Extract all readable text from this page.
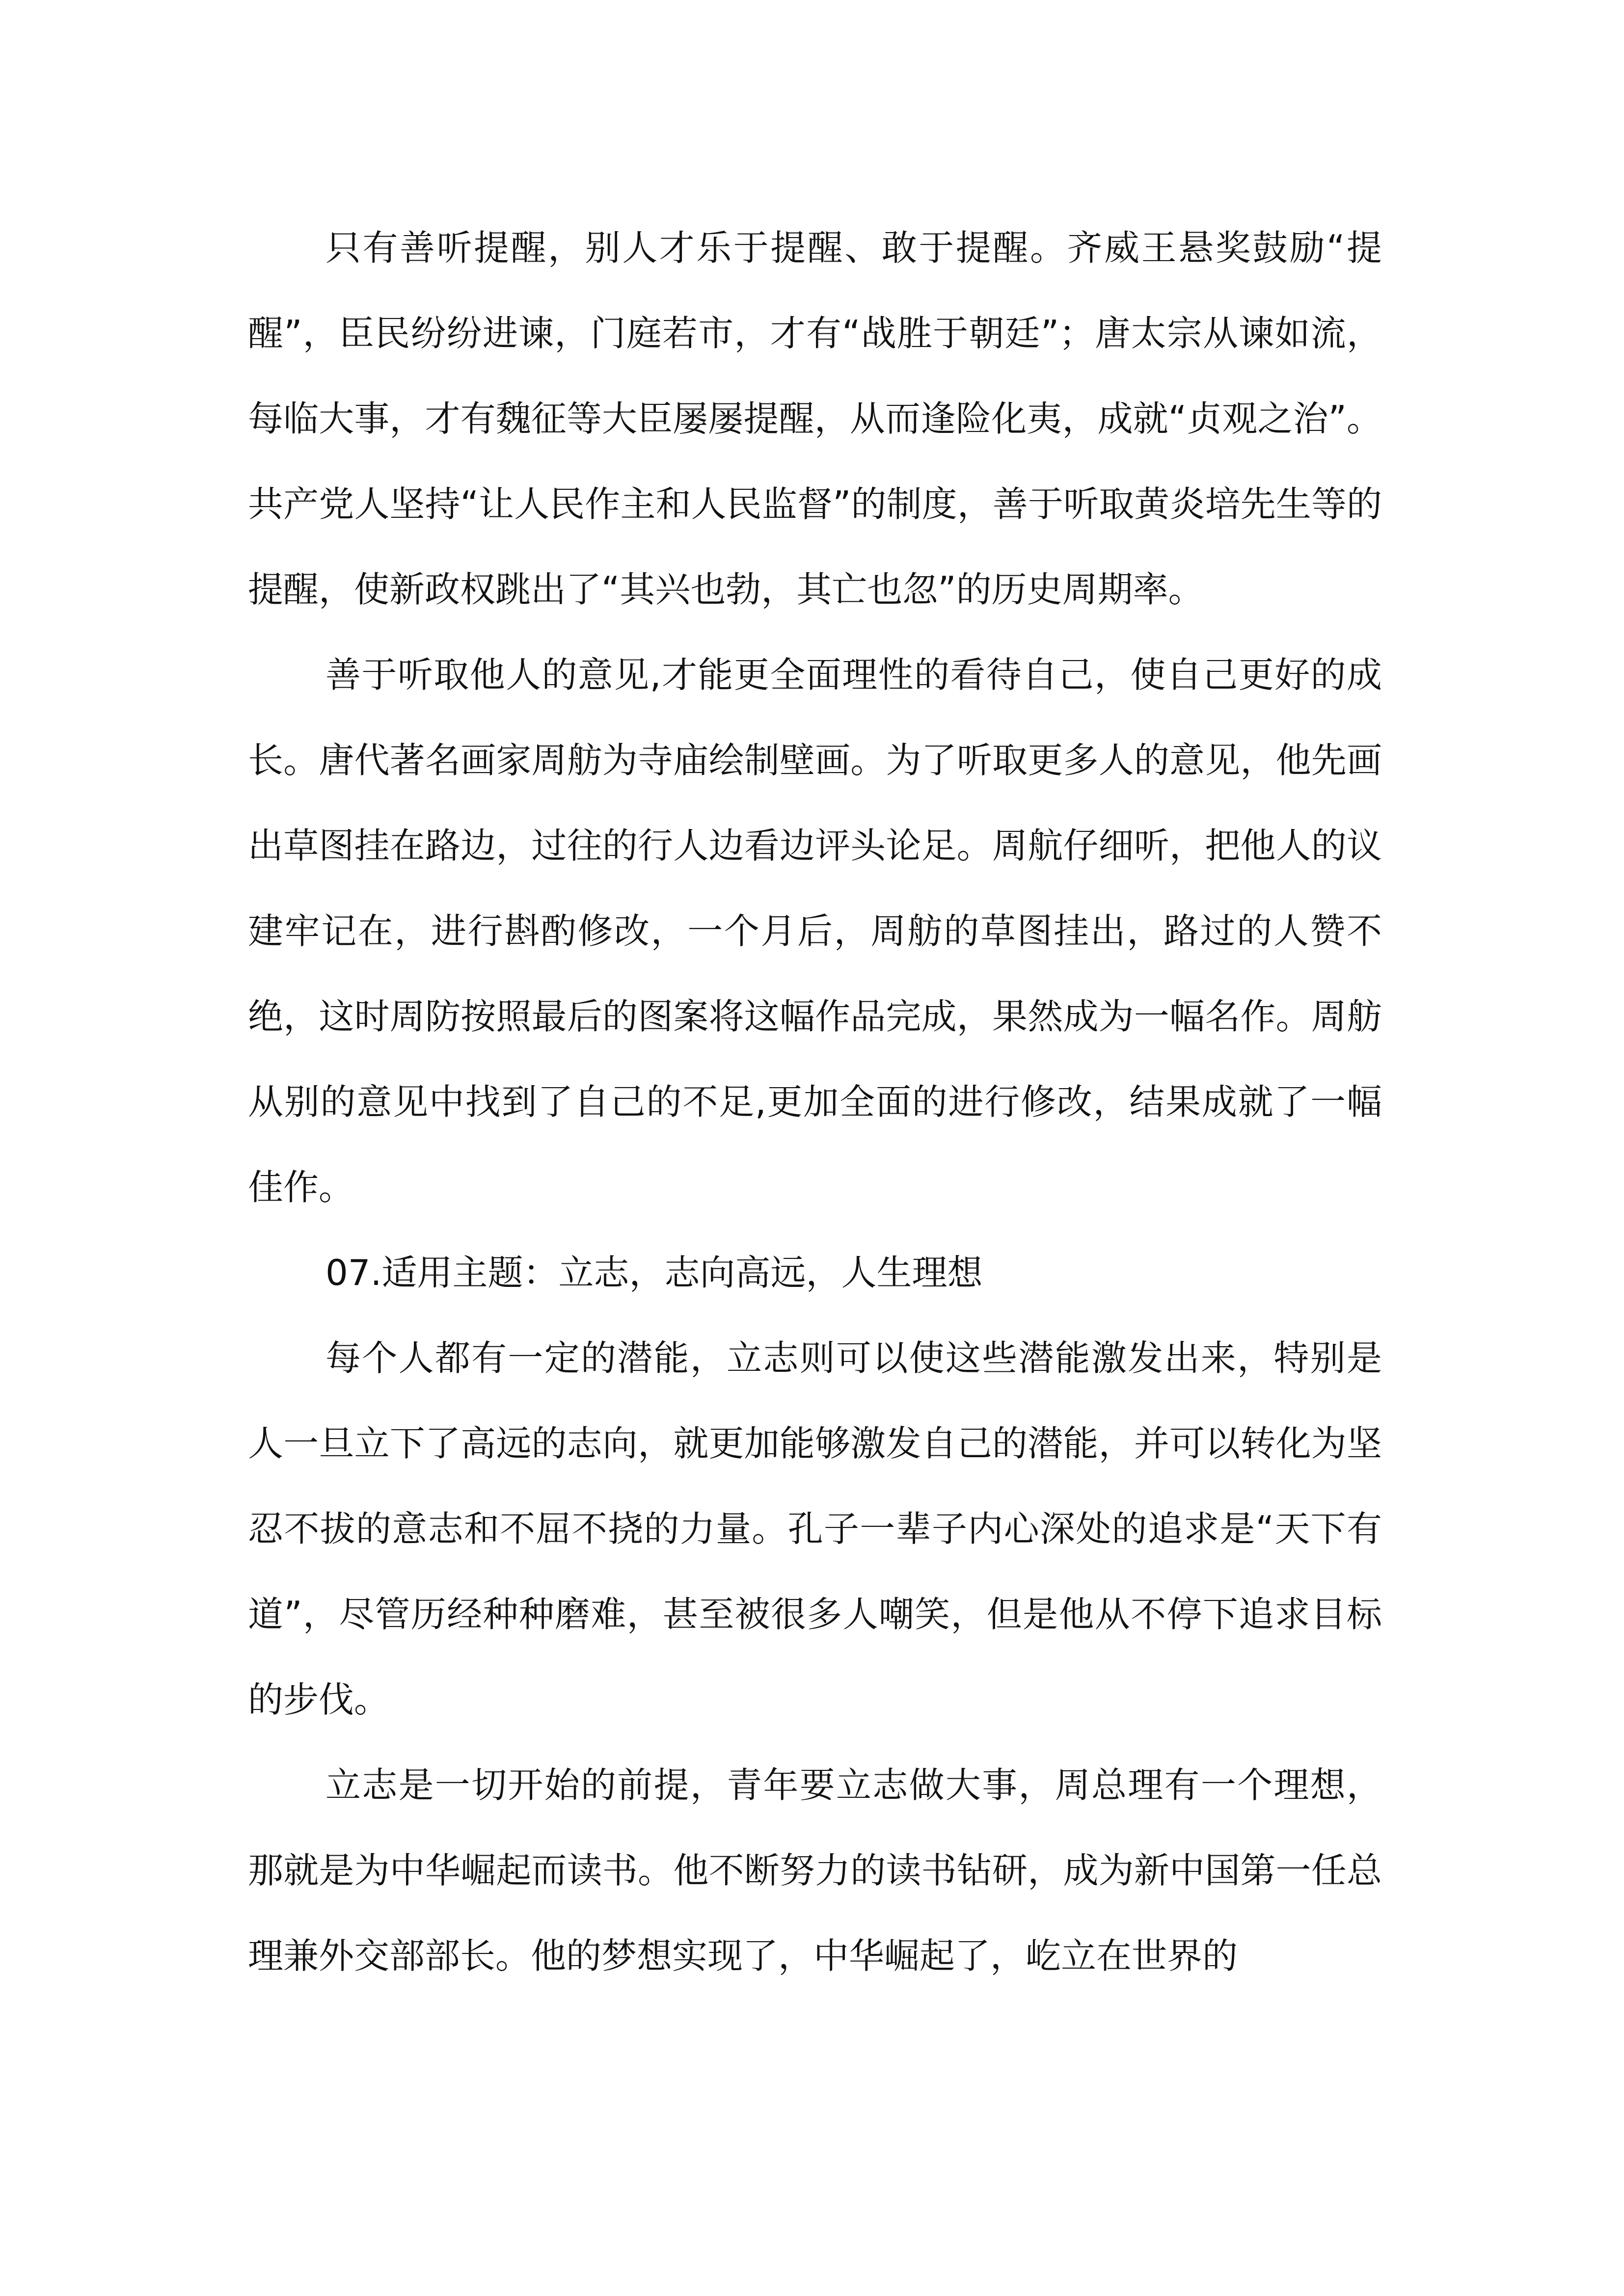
只有善听提醒，别人才乐于提醒、敢于提醒。齐威王悬奖鼓励“提醒”，臣民纷纷进谏，门庭若市，才有“战胜于朝廷”；唐太宗从谏如流，每临大事，才有魏征等大臣屡屡提醒，从而逢险化夷，成就“贞观之治”。共产党人坚持“让人民作主和人民监督”的制度，善于听取黄炎培先生等的提醒，使新政权跳出了“其兴也勃，其亡也忽”的历史周期率。

善于听取他人的意见,才能更全面理性的看待自己，使自己更好的成长。唐代著名画家周舫为寺庙绘制壁画。为了听取更多人的意见，他先画出草图挂在路边，过往的行人边看边评头论足。周航仔细听，把他人的议建牢记在，进行斟酌修改，一个月后，周舫的草图挂出，路过的人赞不绝，这时周防按照最后的图案将这幅作品完成，果然成为一幅名作。周舫从别的意见中找到了自己的不足,更加全面的进行修改，结果成就了一幅佳作。

07.适用主题：立志，志向高远，人生理想

每个人都有一定的潜能，立志则可以使这些潜能激发出来，特别是人一旦立下了高远的志向，就更加能够激发自己的潜能，并可以转化为坚忍不拔的意志和不屈不挠的力量。孔子一辈子内心深处的追求是“天下有道”，尽管历经种种磨难，甚至被很多人嘲笑，但是他从不停下追求目标的步伐。

立志是一切开始的前提，青年要立志做大事，周总理有一个理想，那就是为中华崛起而读书。他不断努力的读书钻研，成为新中国第一任总理兼外交部部长。他的梦想实现了，中华崛起了，屹立在世界的
